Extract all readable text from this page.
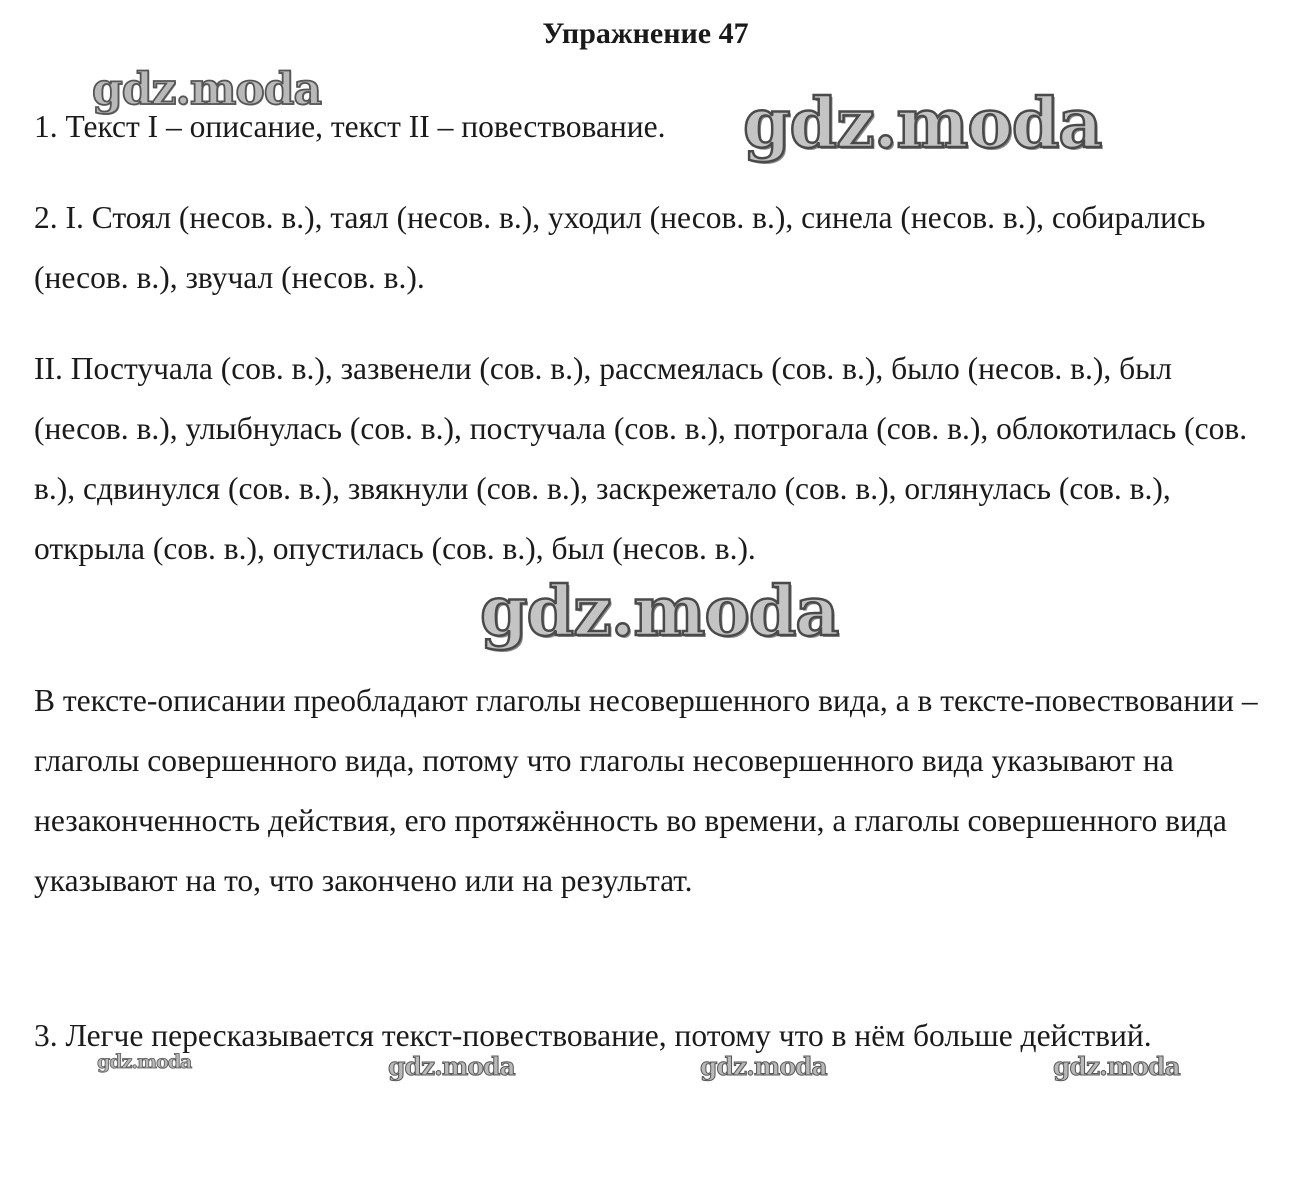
Упражнение 47

1. Текст I – описание, текст II – повествование.

2. I. Стоял (несов. в.), таял (несов. в.), уходил (несов. в.), синела (несов. в.), собирались (несов. в.), звучал (несов. в.).

II. Постучала (сов. в.), зазвенели (сов. в.), рассмеялась (сов. в.), было (несов. в.), был (несов. в.), улыбнулась (сов. в.), постучала (сов. в.), потрогала (сов. в.), облокотилась (сов. в.), сдвинулся (сов. в.), звякнули (сов. в.), заскрежетало (сов. в.), оглянулась (сов. в.), открыла (сов. в.), опустилась (сов. в.), был (несов. в.).

В тексте-описании преобладают глаголы несовершенного вида, а в тексте-повествовании – глаголы совершенного вида, потому что глаголы несовершенного вида указывают на незаконченность действия, его протяжённость во времени, а глаголы совершенного вида указывают на то, что закончено или на результат.

3. Легче пересказывается текст-повествование, потому что в нём больше действий.

gdz.moda	gdz.moda
gdz.moda
gdz.moda	gdz.moda	gdz.moda	gdz.moda
